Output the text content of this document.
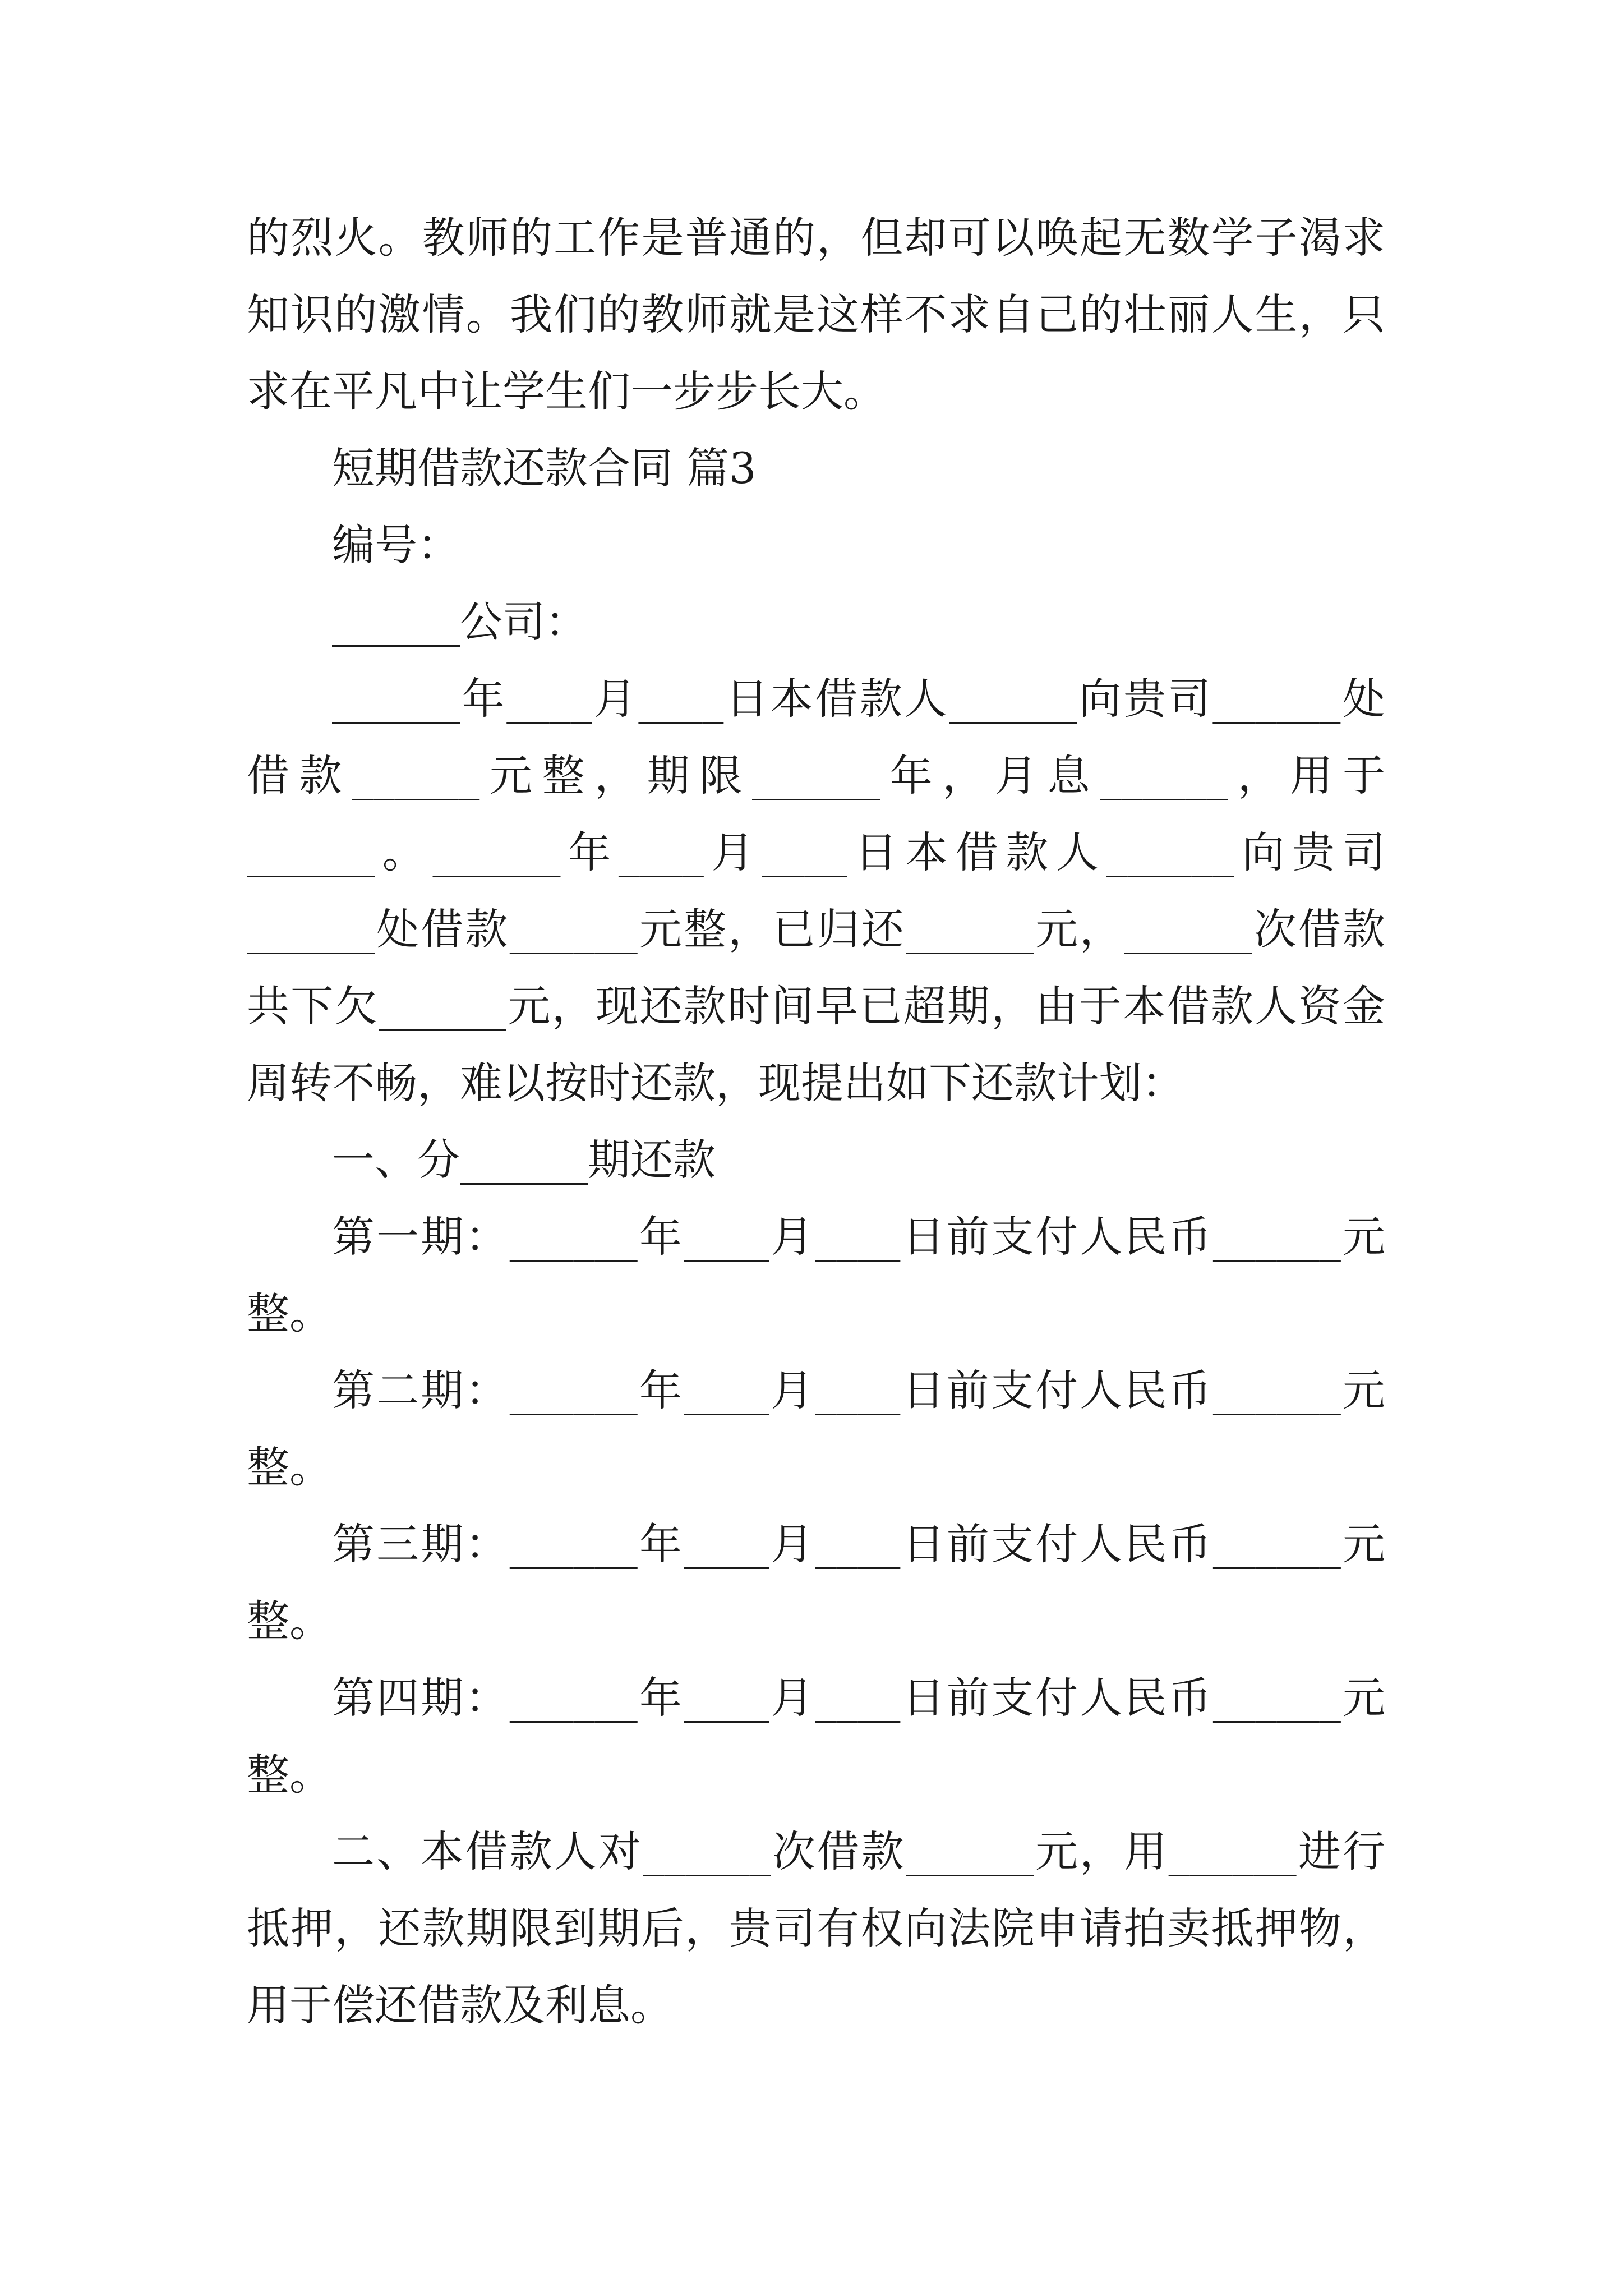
的烈火。教师的工作是普通的，但却可以唤起无数学子渴求知识的激情。我们的教师就是这样不求自己的壮丽人生，只求在平凡中让学生们一步步长大。

短期借款还款合同 篇3

编号：

______公司：

______年____月____日本借款人______向贵司______处借款______元整，期限______年，月息______，用于______。______年____月____日本借款人______向贵司______处借款______元整，已归还______元，______次借款共下欠______元，现还款时间早已超期，由于本借款人资金周转不畅，难以按时还款，现提出如下还款计划：

一、分______期还款

第一期：______年____月____日前支付人民币______元整。

第二期：______年____月____日前支付人民币______元整。

第三期：______年____月____日前支付人民币______元整。

第四期：______年____月____日前支付人民币______元整。

二、本借款人对______次借款______元，用______进行抵押，还款期限到期后，贵司有权向法院申请拍卖抵押物，用于偿还借款及利息。
